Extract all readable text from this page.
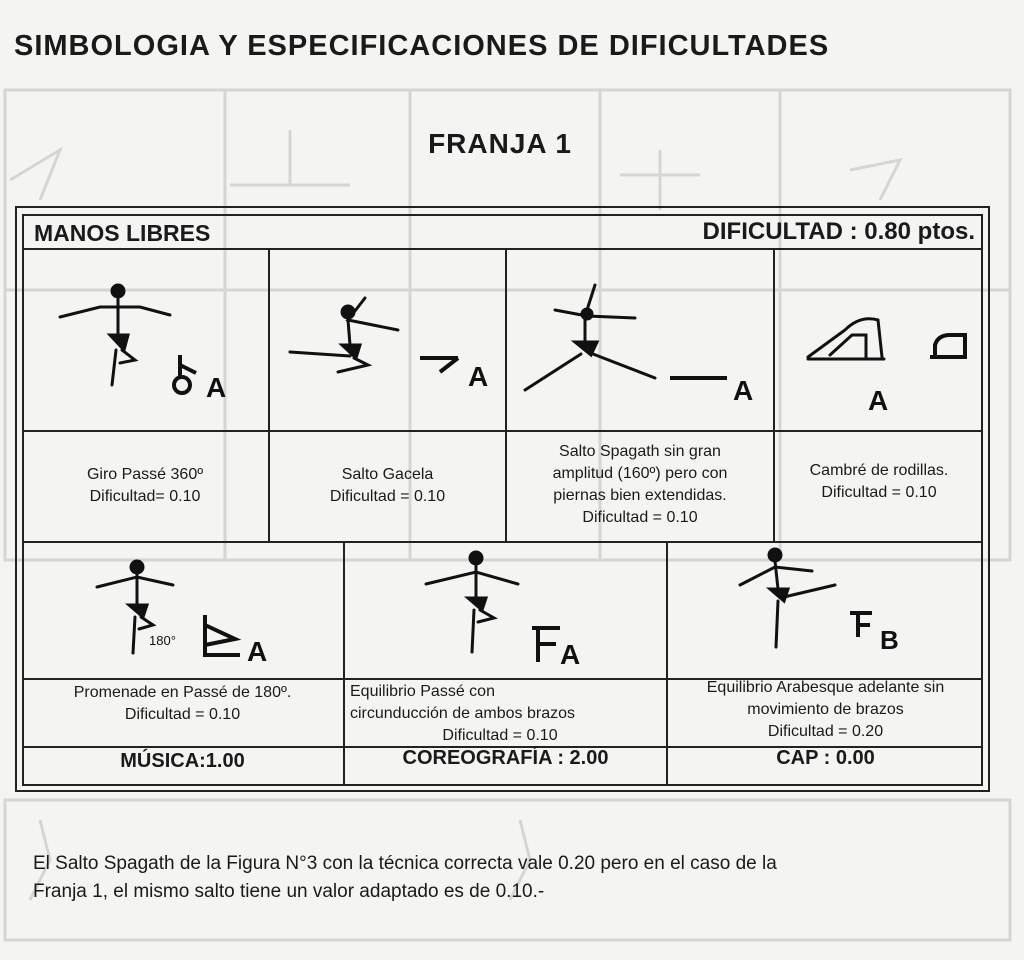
SIMBOLOGIA Y ESPECIFICACIONES DE DIFICULTADES
FRANJA 1
MANOS LIBRES	DIFICULTAD : 0.80 ptos.
A	A	A	A
Giro Passé 360º
Dificultad= 0.10
Salto Gacela
Dificultad = 0.10
Salto Spagath sin gran
amplitud (160º) pero con
piernas bien extendidas.
Dificultad = 0.10
Cambré de rodillas.
Dificultad = 0.10
180°	A	A	B
Promenade en Passé de 180º.
Dificultad = 0.10
Equilibrio Passé con
circunducción de ambos brazos
Dificultad = 0.10
Equilibrio Arabesque adelante sin
movimiento de brazos
Dificultad = 0.20
MÚSICA:1.00	COREOGRAFÍA : 2.00	CAP : 0.00
El Salto Spagath de la Figura N°3 con la técnica correcta vale 0.20 pero en el caso de la
Franja 1, el mismo salto tiene un valor adaptado es de 0.10.-
